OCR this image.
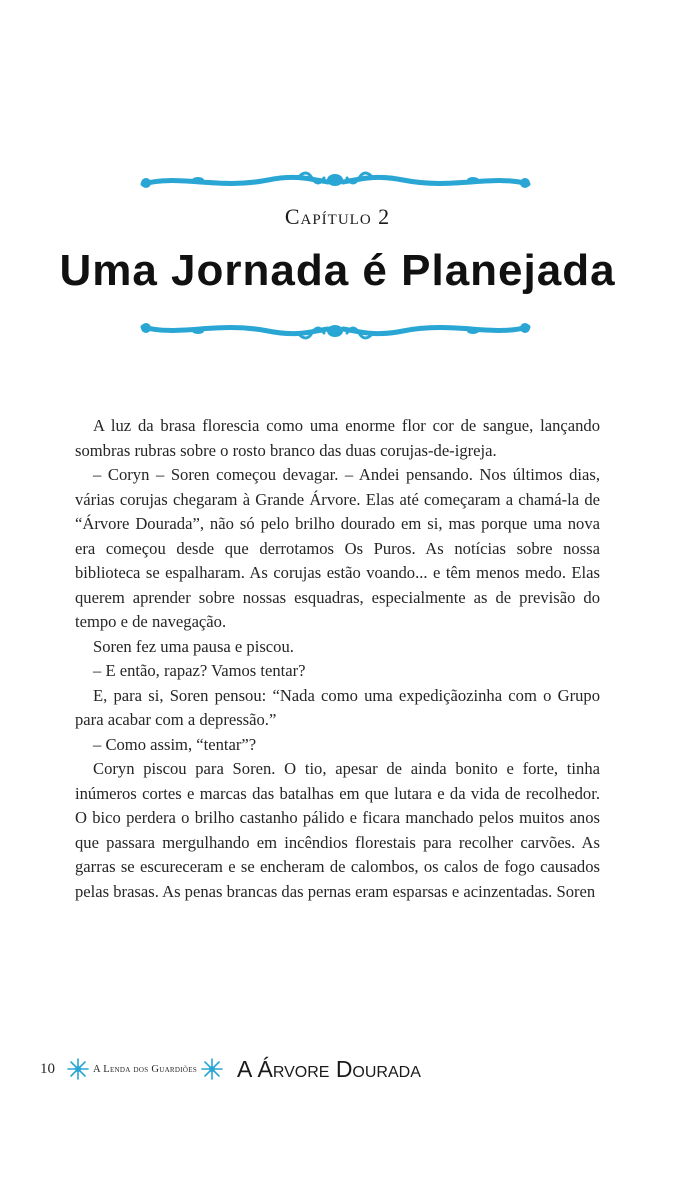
Capítulo 2
Uma Jornada é Planejada

A luz da brasa florescia como uma enorme flor cor de sangue, lançando sombras rubras sobre o rosto branco das duas corujas-de-igreja.

– Coryn – Soren começou devagar. – Andei pensando. Nos últimos dias, várias corujas chegaram à Grande Árvore. Elas até começaram a chamá-la de “Árvore Dourada”, não só pelo brilho dourado em si, mas porque uma nova era começou desde que derrotamos Os Puros. As notícias sobre nossa biblioteca se espalharam. As corujas estão voando... e têm menos medo. Elas querem aprender sobre nossas esquadras, especialmente as de previsão do tempo e de navegação.

Soren fez uma pausa e piscou.

– E então, rapaz? Vamos tentar?

E, para si, Soren pensou: “Nada como uma expediçãozinha com o Grupo para acabar com a depressão.”

– Como assim, “tentar”?

Coryn piscou para Soren. O tio, apesar de ainda bonito e forte, tinha inúmeros cortes e marcas das batalhas em que lutara e da vida de recolhedor. O bico perdera o brilho castanho pálido e ficara manchado pelos muitos anos que passara mergulhando em incêndios florestais para recolher carvões. As garras se escureceram e se encheram de calombos, os calos de fogo causados pelas brasas. As penas brancas das pernas eram esparsas e acinzentadas. Soren

10	A Lenda dos Guardiões A Árvore Dourada
